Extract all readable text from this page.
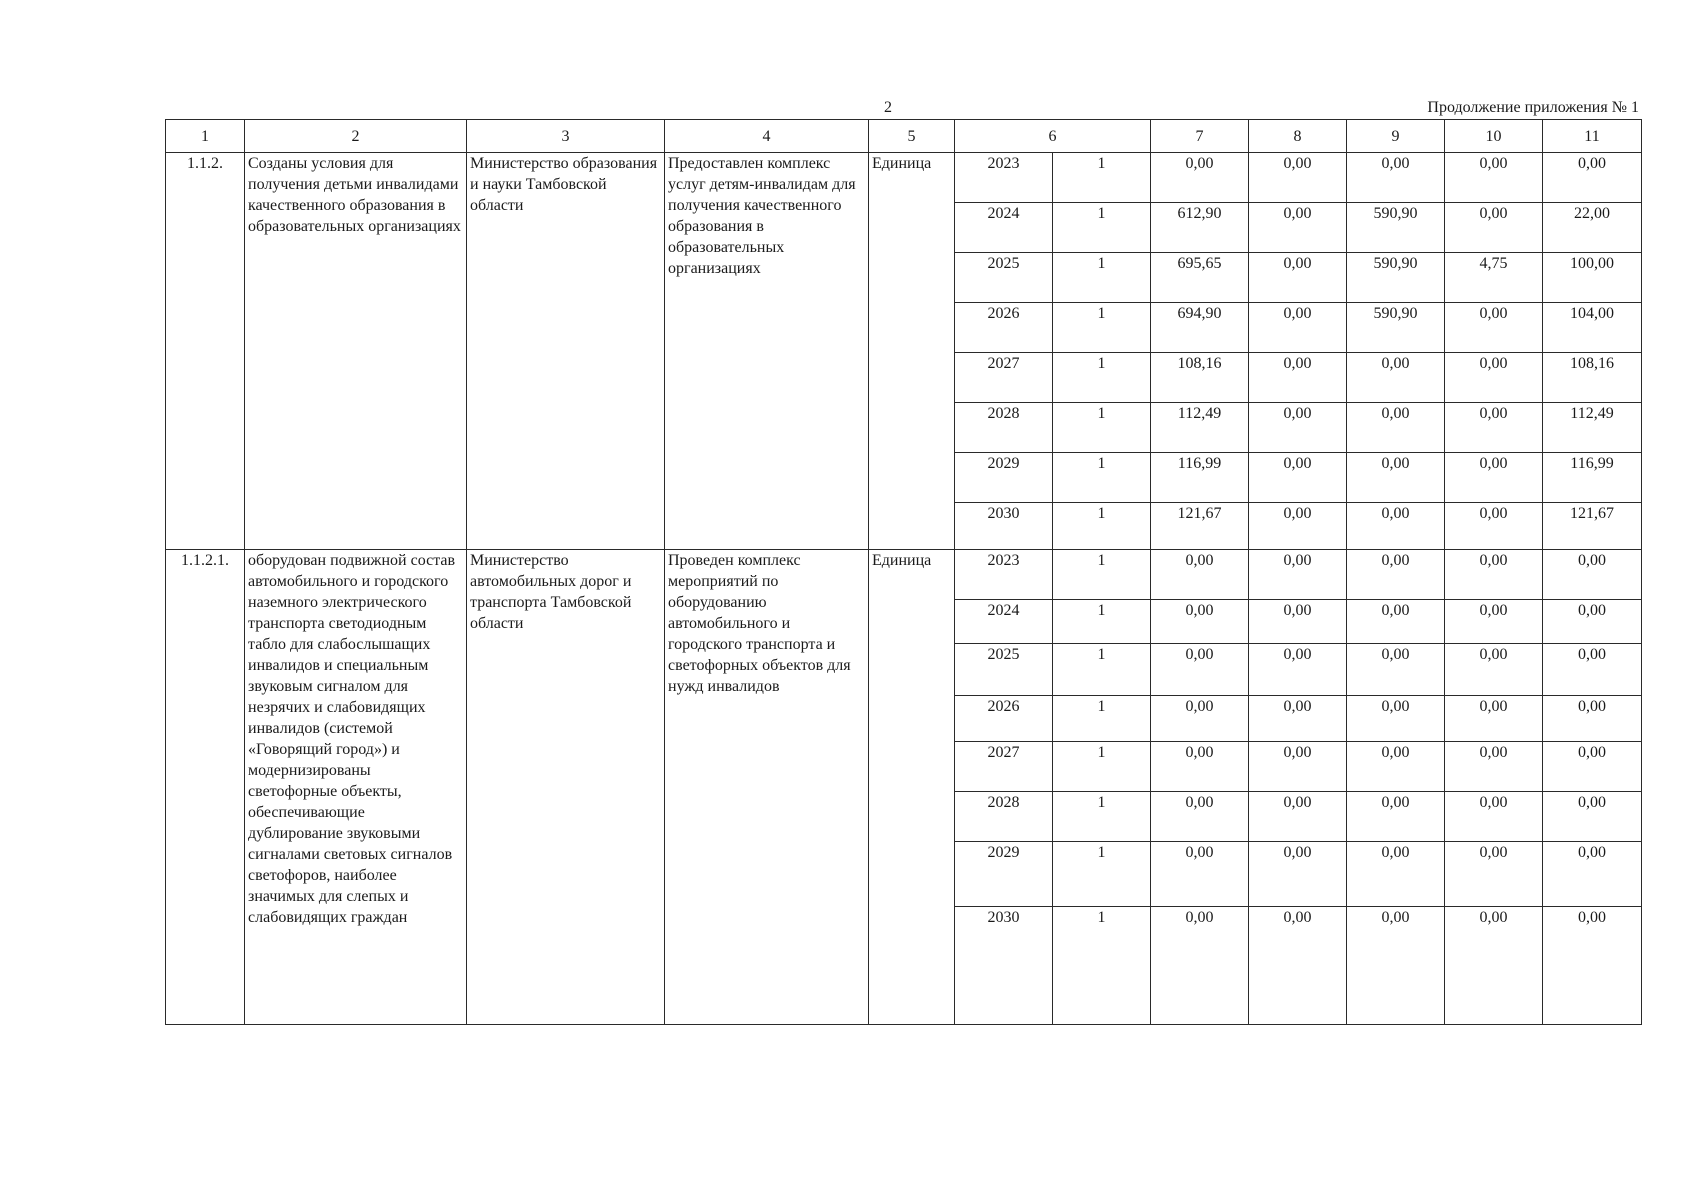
2	Продолжение приложения № 1
1	2	3	4	5	6		7	8	9	10	11
1.1.2.	Созданы условия для получения детьми инвалидами качественного образования в образовательных организациях	Министерство образования и науки Тамбовской области	Предоставлен комплекс услуг детям-инвалидам для получения качественного образования в образовательных организациях	Единица	2023	1	0,00	0,00	0,00	0,00	0,00
					2024	1	612,90	0,00	590,90	0,00	22,00
					2025	1	695,65	0,00	590,90	4,75	100,00
					2026	1	694,90	0,00	590,90	0,00	104,00
					2027	1	108,16	0,00	0,00	0,00	108,16
					2028	1	112,49	0,00	0,00	0,00	112,49
					2029	1	116,99	0,00	0,00	0,00	116,99
					2030	1	121,67	0,00	0,00	0,00	121,67
1.1.2.1.	оборудован подвижной состав автомобильного и городского наземного электрического транспорта светодиодным табло для слабослышащих инвалидов и специальным звуковым сигналом для незрячих и слабовидящих инвалидов (системой «Говорящий город») и модернизированы светофорные объекты, обеспечивающие дублирование звуковыми сигналами световых сигналов светофоров, наиболее значимых для слепых и слабовидящих граждан	Министерство автомобильных дорог и транспорта Тамбовской области	Проведен комплекс мероприятий по оборудованию автомобильного и городского транспорта и светофорных объектов для нужд инвалидов	Единица	2023	1	0,00	0,00	0,00	0,00	0,00
					2024	1	0,00	0,00	0,00	0,00	0,00
					2025	1	0,00	0,00	0,00	0,00	0,00
					2026	1	0,00	0,00	0,00	0,00	0,00
					2027	1	0,00	0,00	0,00	0,00	0,00
					2028	1	0,00	0,00	0,00	0,00	0,00
					2029	1	0,00	0,00	0,00	0,00	0,00
					2030	1	0,00	0,00	0,00	0,00	0,00
